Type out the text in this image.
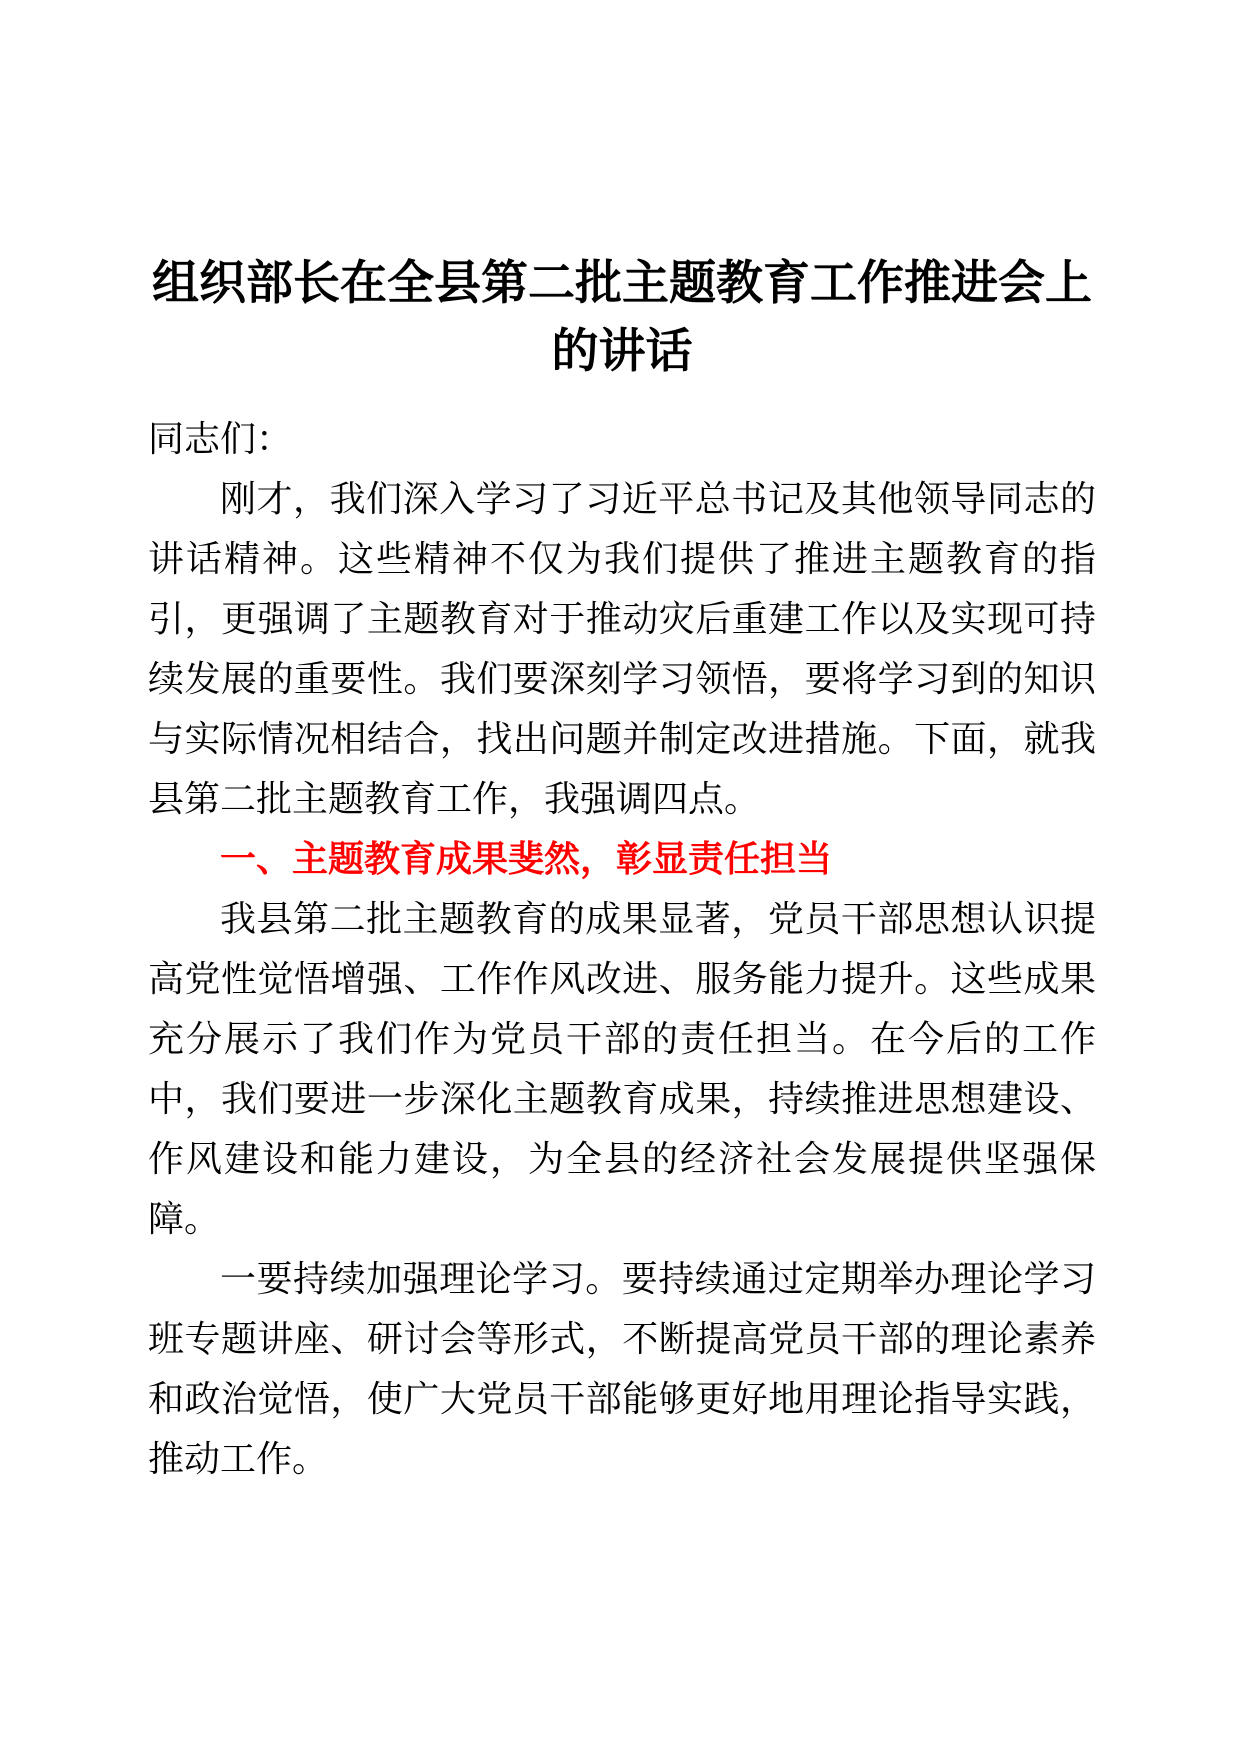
组织部长在全县第二批主题教育工作推进会上的讲话

同志们：

刚才，我们深入学习了习近平总书记及其他领导同志的讲话精神。这些精神不仅为我们提供了推进主题教育的指引，更强调了主题教育对于推动灾后重建工作以及实现可持续发展的重要性。我们要深刻学习领悟，要将学习到的知识与实际情况相结合，找出问题并制定改进措施。下面，就我县第二批主题教育工作，我强调四点。

一、主题教育成果斐然，彰显责任担当

我县第二批主题教育的成果显著，党员干部思想认识提高党性觉悟增强、工作作风改进、服务能力提升。这些成果充分展示了我们作为党员干部的责任担当。在今后的工作中，我们要进一步深化主题教育成果，持续推进思想建设、作风建设和能力建设，为全县的经济社会发展提供坚强保障。

一要持续加强理论学习。要持续通过定期举办理论学习班专题讲座、研讨会等形式，不断提高党员干部的理论素养和政治觉悟，使广大党员干部能够更好地用理论指导实践，推动工作。
